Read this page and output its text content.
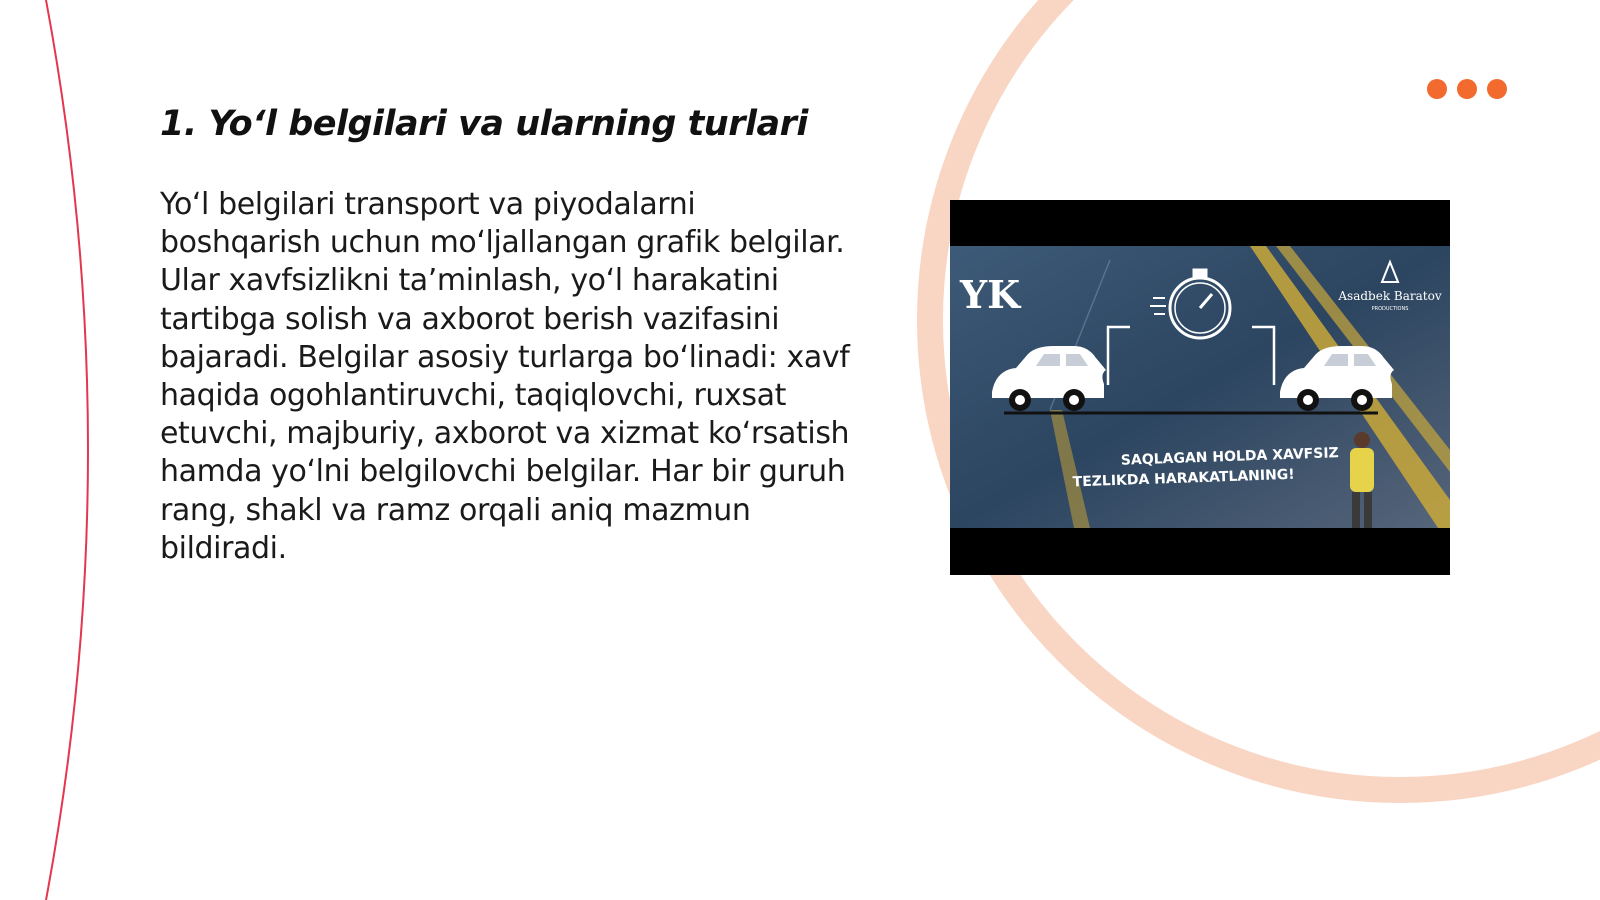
1. Yo‘l belgilari va ularning turlari

Yo‘l belgilari transport va piyodalarni boshqarish uchun mo‘ljallangan grafik belgilar. Ular xavfsizlikni ta’minlash, yo‘l harakatini tartibga solish va axborot berish vazifasini bajaradi. Belgilar asosiy turlarga bo‘linadi: xavf haqida ogohlantiruvchi, taqiqlovchi, ruxsat etuvchi, majburiy, axborot va xizmat ko‘rsatish hamda yo‘lni belgilovchi belgilar. Har bir guruh rang, shakl va ramz orqali aniq mazmun bildiradi.

YK	Asadbek Baratov
PRODUCTIONS
SAQLAGAN HOLDA XAVFSIZ
TEZLIKDA HARAKATLANING!
